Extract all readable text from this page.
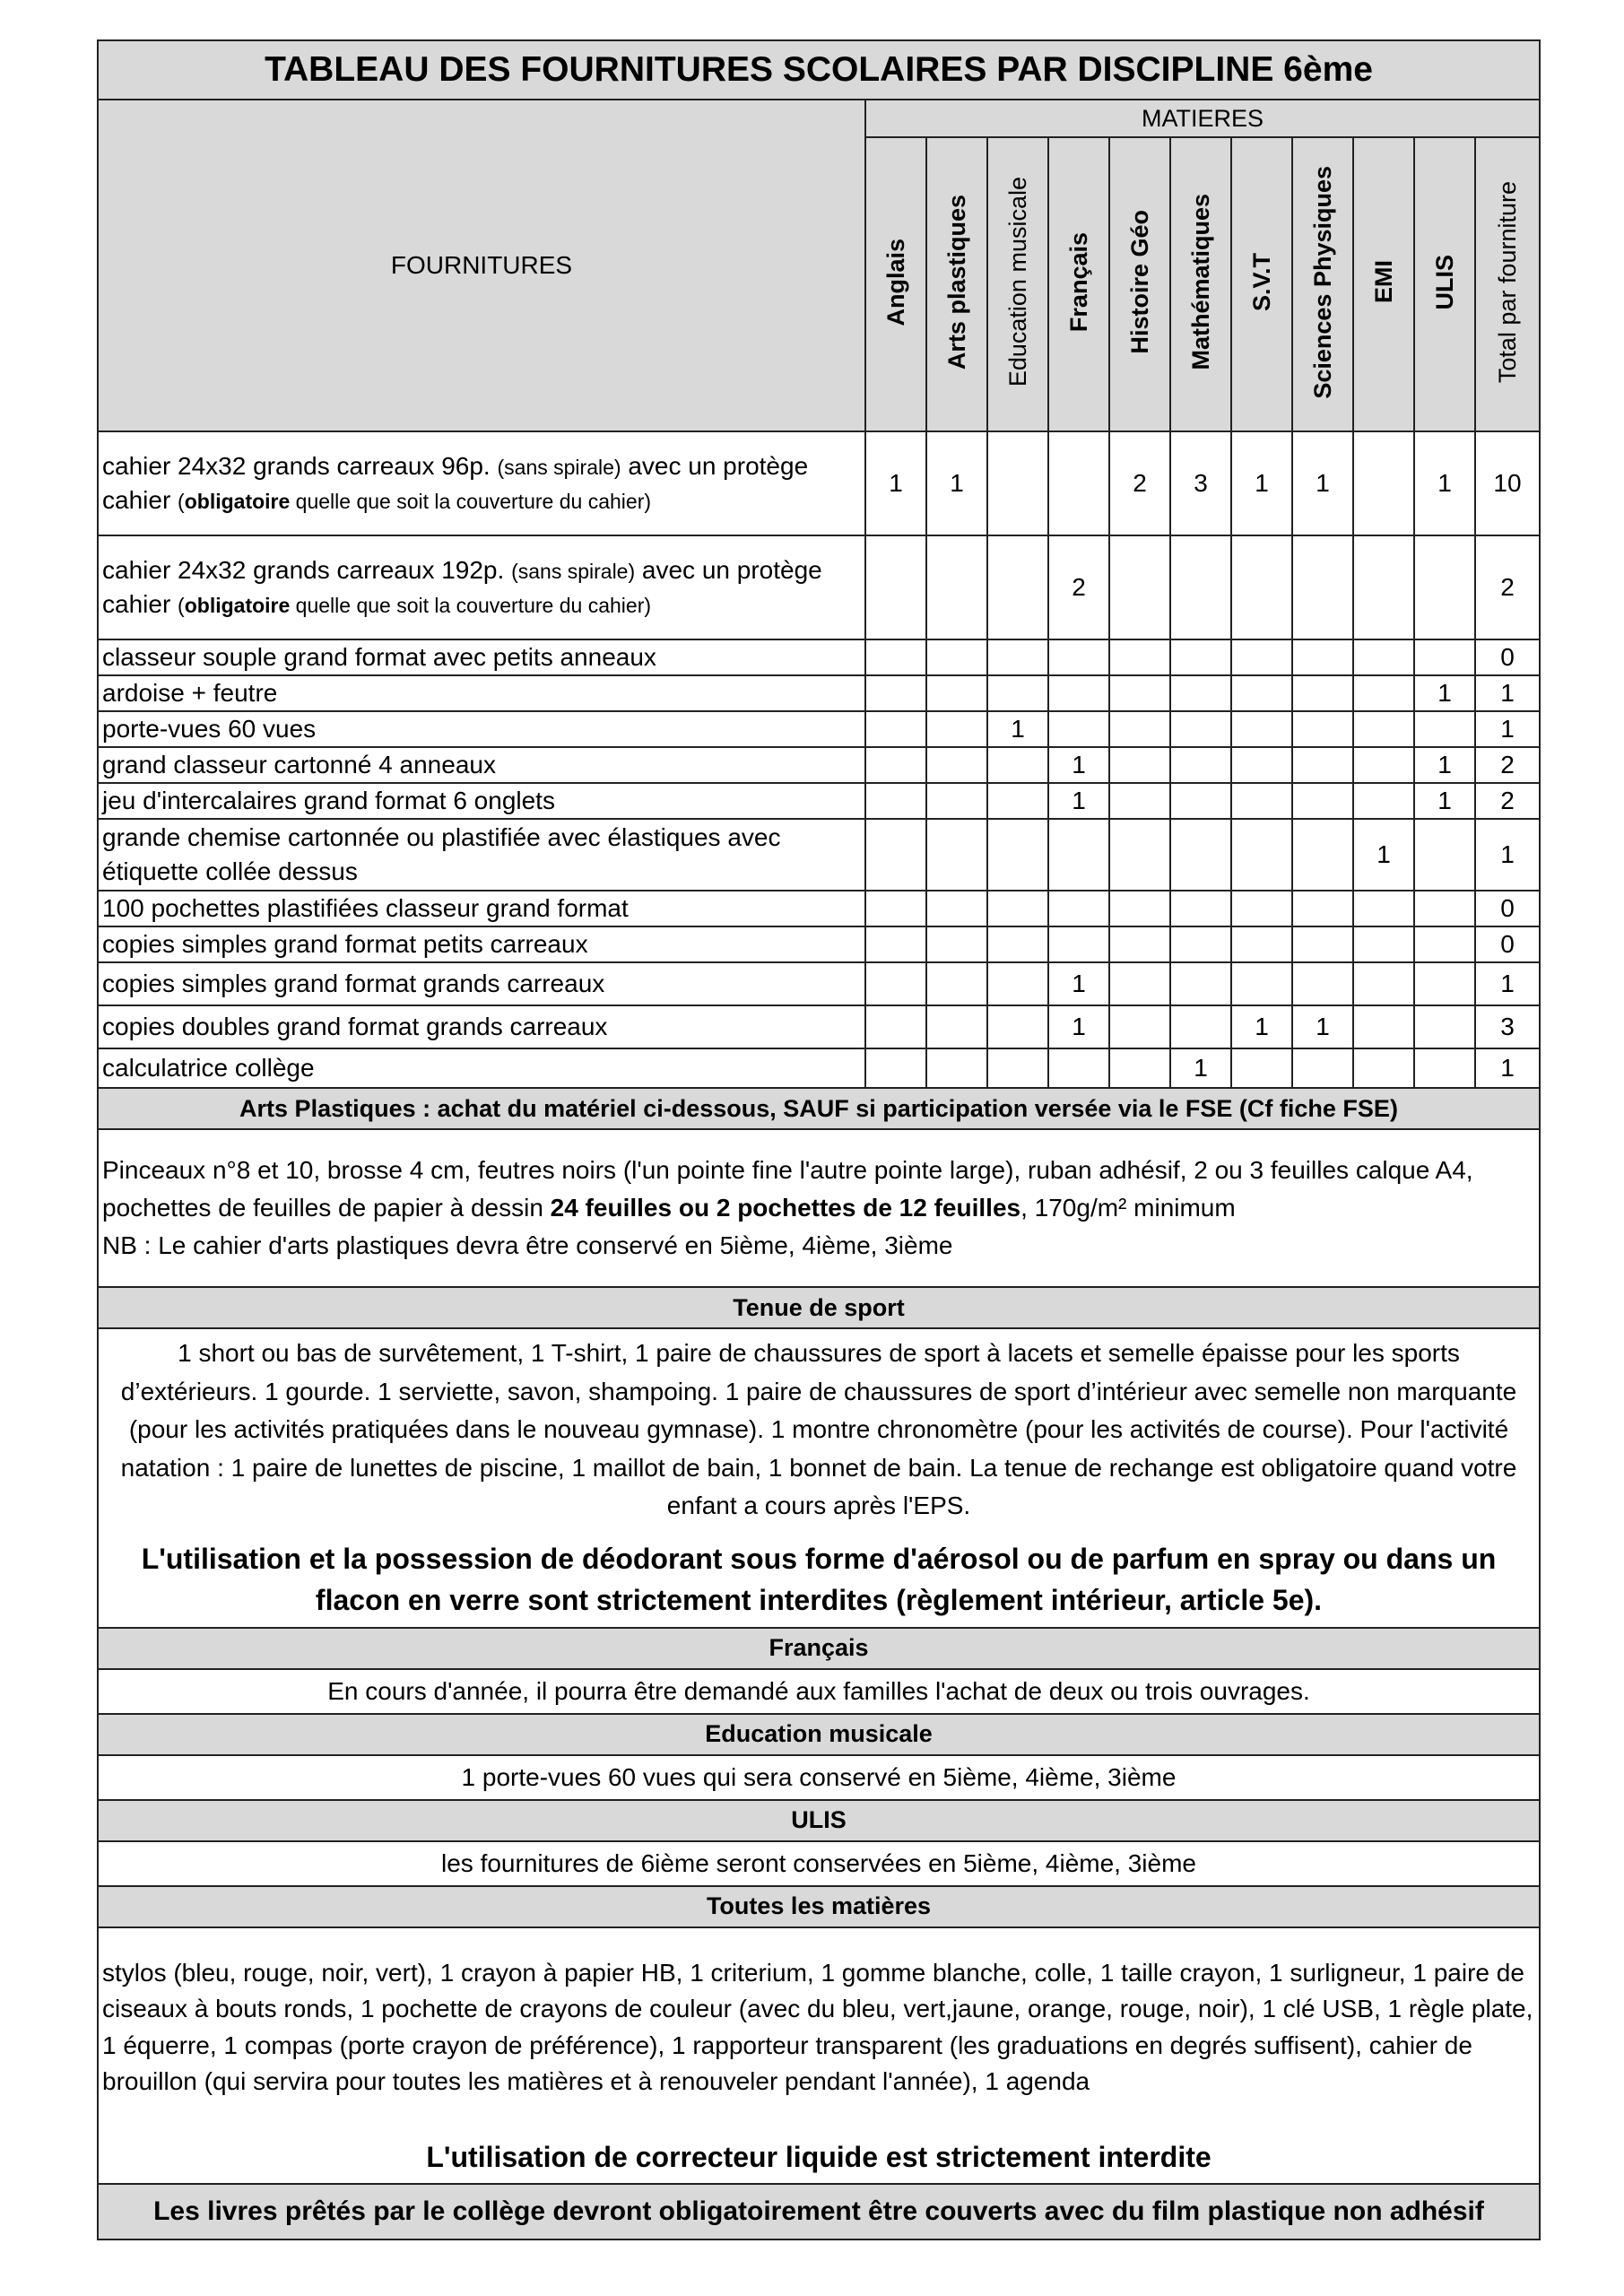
TABLEAU DES FOURNITURES SCOLAIRES PAR DISCIPLINE 6ème											
FOURNITURES	MATIERES										
	Anglais	Arts plastiques	Education musicale	Français	Histoire Géo	Mathématiques	S.V.T	Sciences Physiques	EMI	ULIS	Total par fourniture
cahier 24x32 grands carreaux 96p. (sans spirale) avec un protège cahier (obligatoire quelle que soit la couverture du cahier)	1	1			2	3	1	1		1	10
cahier 24x32 grands carreaux 192p. (sans spirale) avec un protège cahier (obligatoire quelle que soit la couverture du cahier)				2							2
classeur souple grand format avec petits anneaux											0
ardoise + feutre										1	1
porte-vues 60 vues			1								1
grand classeur cartonné 4 anneaux				1						1	2
jeu d'intercalaires grand format 6 onglets				1						1	2
grande chemise cartonnée ou plastifiée avec élastiques avec étiquette collée dessus									1		1
100 pochettes plastifiées classeur grand format											0
copies simples grand format petits carreaux											0
copies simples grand format grands carreaux				1							1
copies doubles grand format grands carreaux				1			1	1			3
calculatrice collège						1					1
Arts Plastiques : achat du matériel ci-dessous, SAUF si participation versée via le FSE (Cf fiche FSE)											
Pinceaux n°8 et 10, brosse 4 cm, feutres noirs (l'un pointe fine l'autre pointe large), ruban adhésif, 2 ou 3 feuilles calque A4, pochettes de feuilles de papier à dessin 24 feuilles ou 2 pochettes de 12 feuilles, 170g/m² minimum
NB : Le cahier d'arts plastiques devra être conservé en 5ième, 4ième, 3ième											
Tenue de sport											

1 short ou bas de survêtement, 1 T-shirt, 1 paire de chaussures de sport à lacets et semelle épaisse pour les sports d’extérieurs. 1 gourde. 1 serviette, savon, shampoing. 1 paire de chaussures de sport d’intérieur avec semelle non marquante (pour les activités pratiquées dans le nouveau gymnase). 1 montre chronomètre (pour les activités de course). Pour l'activité natation : 1 paire de lunettes de piscine, 1 maillot de bain, 1 bonnet de bain. La tenue de rechange est obligatoire quand votre enfant a cours après l'EPS.
L'utilisation et la possession de déodorant sous forme d'aérosol ou de parfum en spray ou dans un flacon en verre sont strictement interdites (règlement intérieur, article 5e).											

Français											
En cours d'année, il pourra être demandé aux familles l'achat de deux ou trois ouvrages.											
Education musicale											
1 porte-vues 60 vues qui sera conservé en 5ième, 4ième, 3ième											
ULIS											
les fournitures de 6ième seront conservées en 5ième, 4ième, 3ième											
Toutes les matières											

stylos (bleu, rouge, noir, vert), 1 crayon à papier HB, 1 criterium, 1 gomme blanche, colle, 1 taille crayon, 1 surligneur, 1 paire de ciseaux à bouts ronds, 1 pochette de crayons de couleur (avec du bleu, vert,jaune, orange, rouge, noir), 1 clé USB, 1 règle plate, 1 équerre, 1 compas (porte crayon de préférence), 1 rapporteur transparent (les graduations en degrés suffisent), cahier de brouillon (qui servira pour toutes les matières et à renouveler pendant l'année), 1 agenda
L'utilisation de correcteur liquide est strictement interdite											

Les livres prêtés par le collège devront obligatoirement être couverts avec du film plastique non adhésif											
